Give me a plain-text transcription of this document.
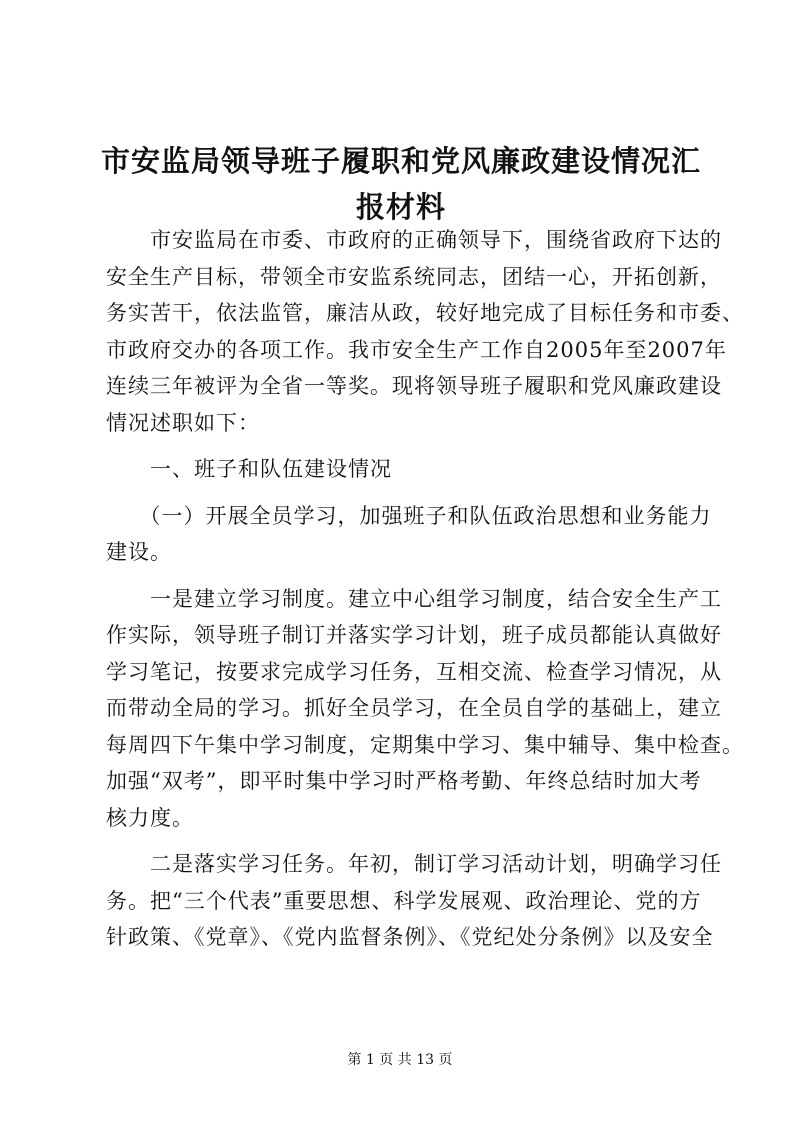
市安监局领导班子履职和党风廉政建设情况汇
报材料

　　市安监局在市委、市政府的正确领导下，围绕省政府下达的
安全生产目标，带领全市安监系统同志，团结一心，开拓创新，
务实苦干，依法监管，廉洁从政，较好地完成了目标任务和市委、
市政府交办的各项工作。我市安全生产工作自2005年至2007年
连续三年被评为全省一等奖。现将领导班子履职和党风廉政建设
情况述职如下：

　　一、班子和队伍建设情况

　　（一）开展全员学习，加强班子和队伍政治思想和业务能力
建设。

　　一是建立学习制度。建立中心组学习制度，结合安全生产工
作实际，领导班子制订并落实学习计划，班子成员都能认真做好
学习笔记，按要求完成学习任务，互相交流、检查学习情况，从
而带动全局的学习。抓好全员学习，在全员自学的基础上，建立
每周四下午集中学习制度，定期集中学习、集中辅导、集中检查。
加强“双考”，即平时集中学习时严格考勤、年终总结时加大考
核力度。

　　二是落实学习任务。年初，制订学习活动计划，明确学习任
务。把“三个代表”重要思想、科学发展观、政治理论、党的方
针政策、《党章》、《党内监督条例》、《党纪处分条例》以及安全

第 1 页 共 13 页
